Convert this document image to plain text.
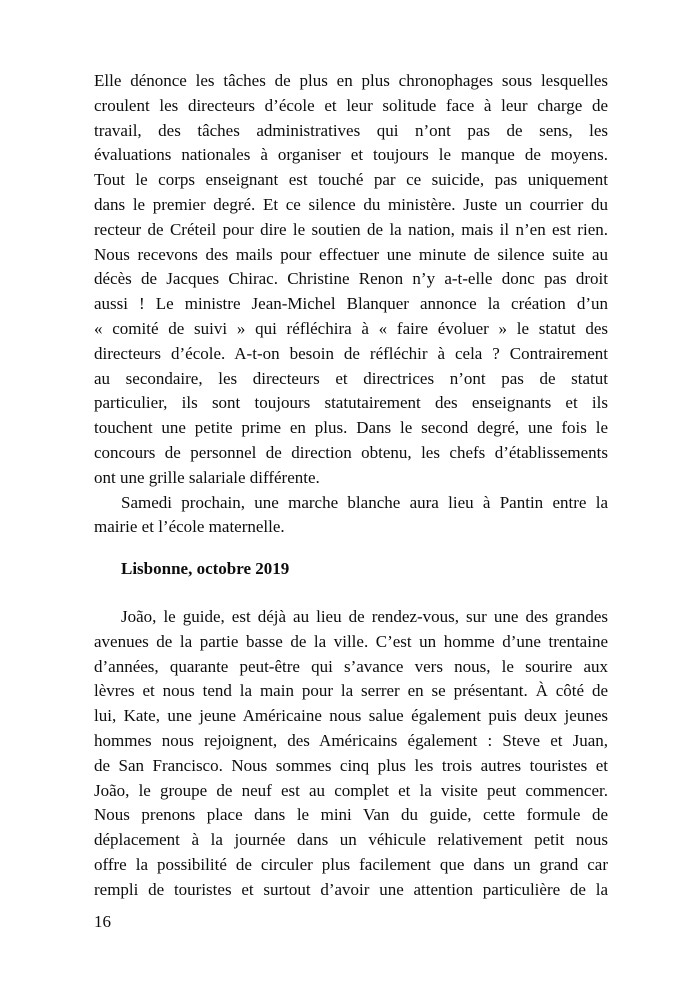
Elle dénonce les tâches de plus en plus chronophages sous lesquelles
croulent les directeurs d’école et leur solitude face à leur charge de
travail, des tâches administratives qui n’ont pas de sens, les
évaluations nationales à organiser et toujours le manque de moyens.
Tout le corps enseignant est touché par ce suicide, pas uniquement
dans le premier degré. Et ce silence du ministère. Juste un courrier du
recteur de Créteil pour dire le soutien de la nation, mais il n’en est rien.
Nous recevons des mails pour effectuer une minute de silence suite au
décès de Jacques Chirac. Christine Renon n’y a-t-elle donc pas droit
aussi ! Le ministre Jean-Michel Blanquer annonce la création d’un
« comité de suivi » qui réfléchira à « faire évoluer » le statut des
directeurs d’école. A-t-on besoin de réfléchir à cela ? Contrairement
au secondaire, les directeurs et directrices n’ont pas de statut
particulier, ils sont toujours statutairement des enseignants et ils
touchent une petite prime en plus. Dans le second degré, une fois le
concours de personnel de direction obtenu, les chefs d’établissements
ont une grille salariale différente.
Samedi prochain, une marche blanche aura lieu à Pantin entre la
mairie et l’école maternelle.
Lisbonne, octobre 2019
João, le guide, est déjà au lieu de rendez-vous, sur une des grandes
avenues de la partie basse de la ville. C’est un homme d’une trentaine
d’années, quarante peut-être qui s’avance vers nous, le sourire aux
lèvres et nous tend la main pour la serrer en se présentant. À côté de
lui, Kate, une jeune Américaine nous salue également puis deux jeunes
hommes nous rejoignent, des Américains également : Steve et Juan,
de San Francisco. Nous sommes cinq plus les trois autres touristes et
João, le groupe de neuf est au complet et la visite peut commencer.
Nous prenons place dans le mini Van du guide, cette formule de
déplacement à la journée dans un véhicule relativement petit nous
offre la possibilité de circuler plus facilement que dans un grand car
rempli de touristes et surtout d’avoir une attention particulière de la
16
